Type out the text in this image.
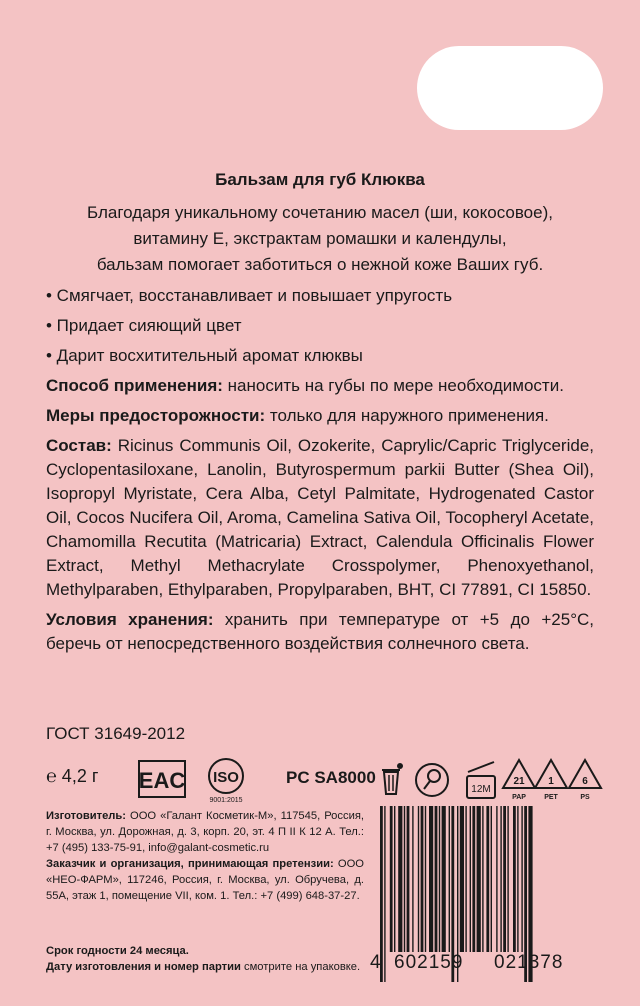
Бальзам для губ Клюква
Благодаря уникальному сочетанию масел (ши, кокосовое),
витамину Е, экстрактам ромашки и календулы,
бальзам помогает заботиться о нежной коже Ваших губ.
• Смягчает, восстанавливает и повышает упругость
• Придает сияющий цвет
• Дарит восхитительный аромат клюквы
Способ применения: наносить на губы по мере необходимости.
Меры предосторожности: только для наружного применения.
Состав: Ricinus Communis Oil, Ozokerite, Caprylic/Capric Triglyceride, Cyclopentasiloxane, Lanolin, Butyrospermum parkii Butter (Shea Oil), Isopropyl Myristate, Cera Alba, Cetyl Palmitate, Hydrogenated Castor Oil, Cocos Nucifera Oil, Aroma, Camelina Sativa Oil, Tocopheryl Acetate, Chamomilla Recutita (Matricaria) Extract, Calendula Officinalis Flower Extract, Methyl Methacrylate Crosspolymer, Phenoxyethanol, Methylparaben, Ethylparaben, Propylparaben, BHT, CI 77891, CI 15850.
Условия хранения: хранить при температуре от +5 до +25°С, беречь от непосредственного воздействия солнечного света.
ГОСТ 31649-2012
℮ 4,2 г EAC ISO
9001:2015
PC SA8000
12M
21
PAP
1
PET
6
PS
Изготовитель: ООО «Галант Косметик-М», 117545, Россия, г. Москва, ул. Дорожная, д. 3, корп. 20, эт. 4 П II К 12 А. Тел.: +7 (495) 133-75-91, info@galant-cosmetic.ru
Заказчик и организация, принимающая претензии: ООО «НЕО-ФАРМ», 117246, Россия, г. Москва, ул. Обручева, д. 55А, этаж 1, помещение VII, ком. 1. Тел.: +7 (499) 648-37-27.
Срок годности 24 месяца.
Дату изготовления и номер партии смотрите на упаковке. 4 602159 021378
